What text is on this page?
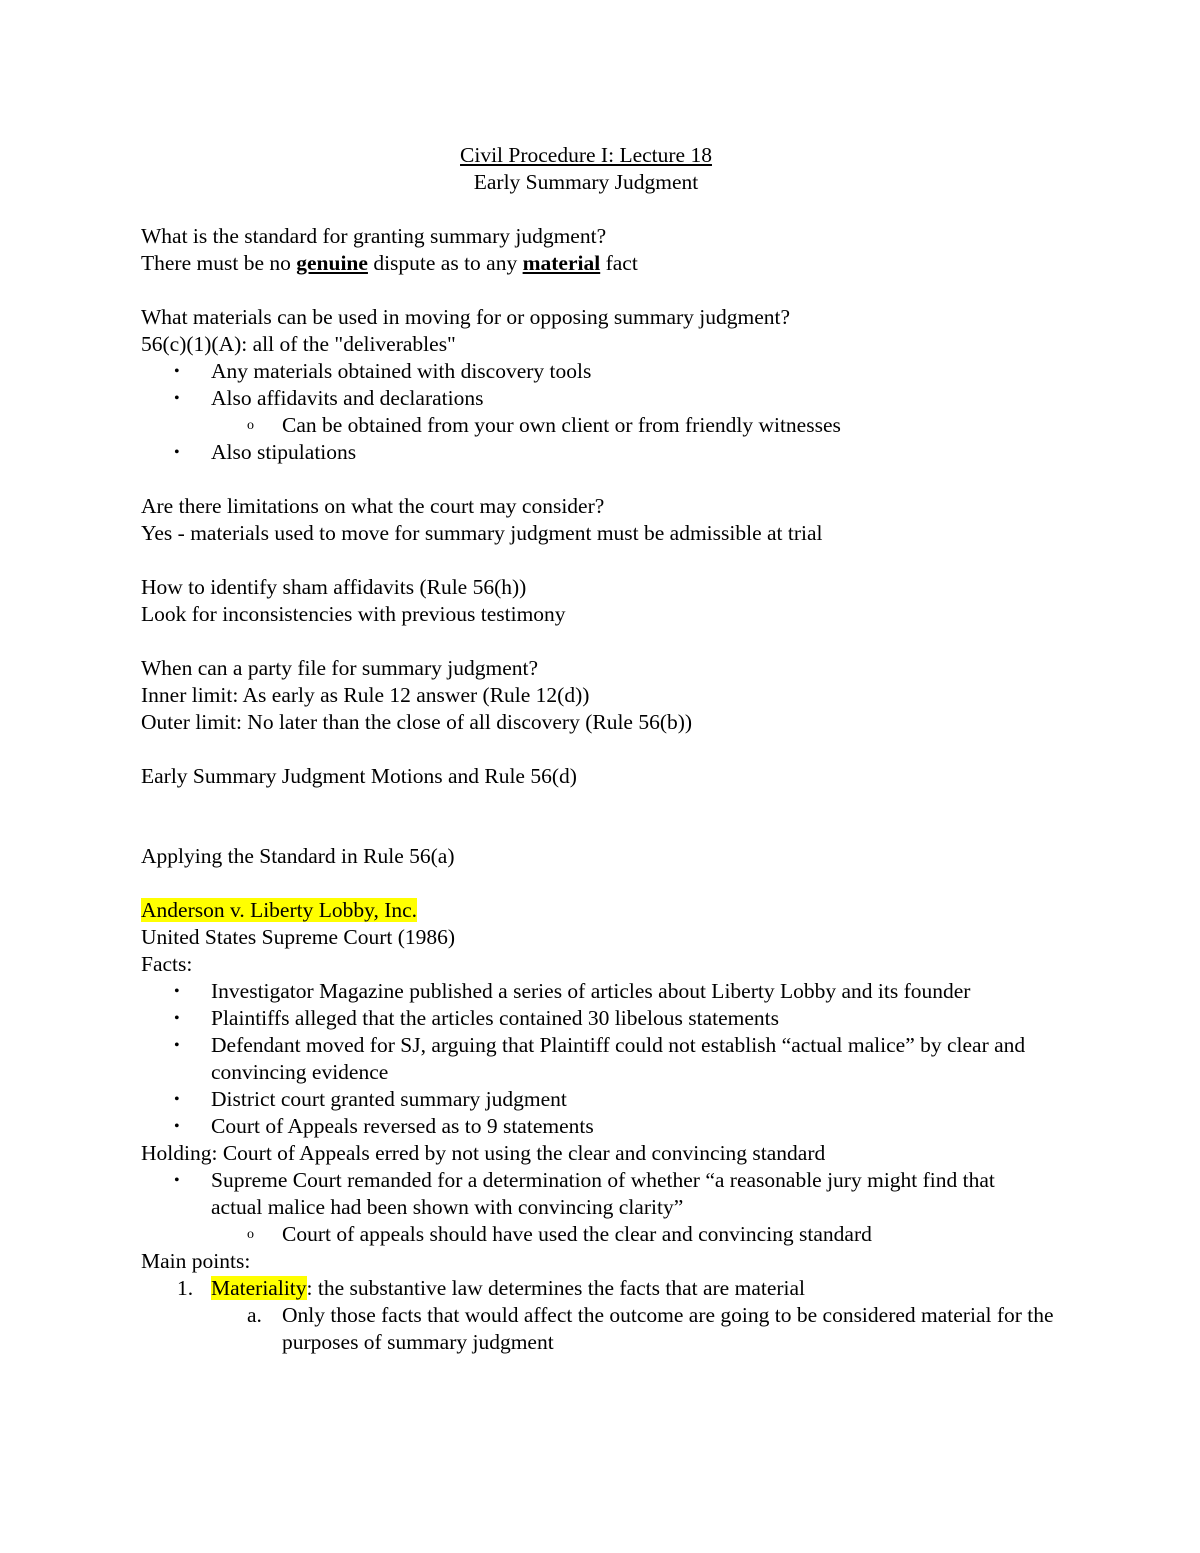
Civil Procedure I: Lecture 18
Early Summary Judgment
What is the standard for granting summary judgment?
There must be no genuine dispute as to any material fact
What materials can be used in moving for or opposing summary judgment?
56(c)(1)(A): all of the "deliverables"
•	Any materials obtained with discovery tools
•	Also affidavits and declarations
o	Can be obtained from your own client or from friendly witnesses
•	Also stipulations
Are there limitations on what the court may consider?
Yes - materials used to move for summary judgment must be admissible at trial
How to identify sham affidavits (Rule 56(h))
Look for inconsistencies with previous testimony
When can a party file for summary judgment?
Inner limit: As early as Rule 12 answer (Rule 12(d))
Outer limit: No later than the close of all discovery (Rule 56(b))
Early Summary Judgment Motions and Rule 56(d)
Applying the Standard in Rule 56(a)
Anderson v. Liberty Lobby, Inc.
United States Supreme Court (1986)
Facts:
•	Investigator Magazine published a series of articles about Liberty Lobby and its founder
•	Plaintiffs alleged that the articles contained 30 libelous statements
•	Defendant moved for SJ, arguing that Plaintiff could not establish “actual malice” by clear and convincing evidence
•	District court granted summary judgment
•	Court of Appeals reversed as to 9 statements
Holding: Court of Appeals erred by not using the clear and convincing standard
•	Supreme Court remanded for a determination of whether “a reasonable jury might find that actual malice had been shown with convincing clarity”
o	Court of appeals should have used the clear and convincing standard
Main points:
1. Materiality: the substantive law determines the facts that are material
a. Only those facts that would affect the outcome are going to be considered material for the purposes of summary judgment
